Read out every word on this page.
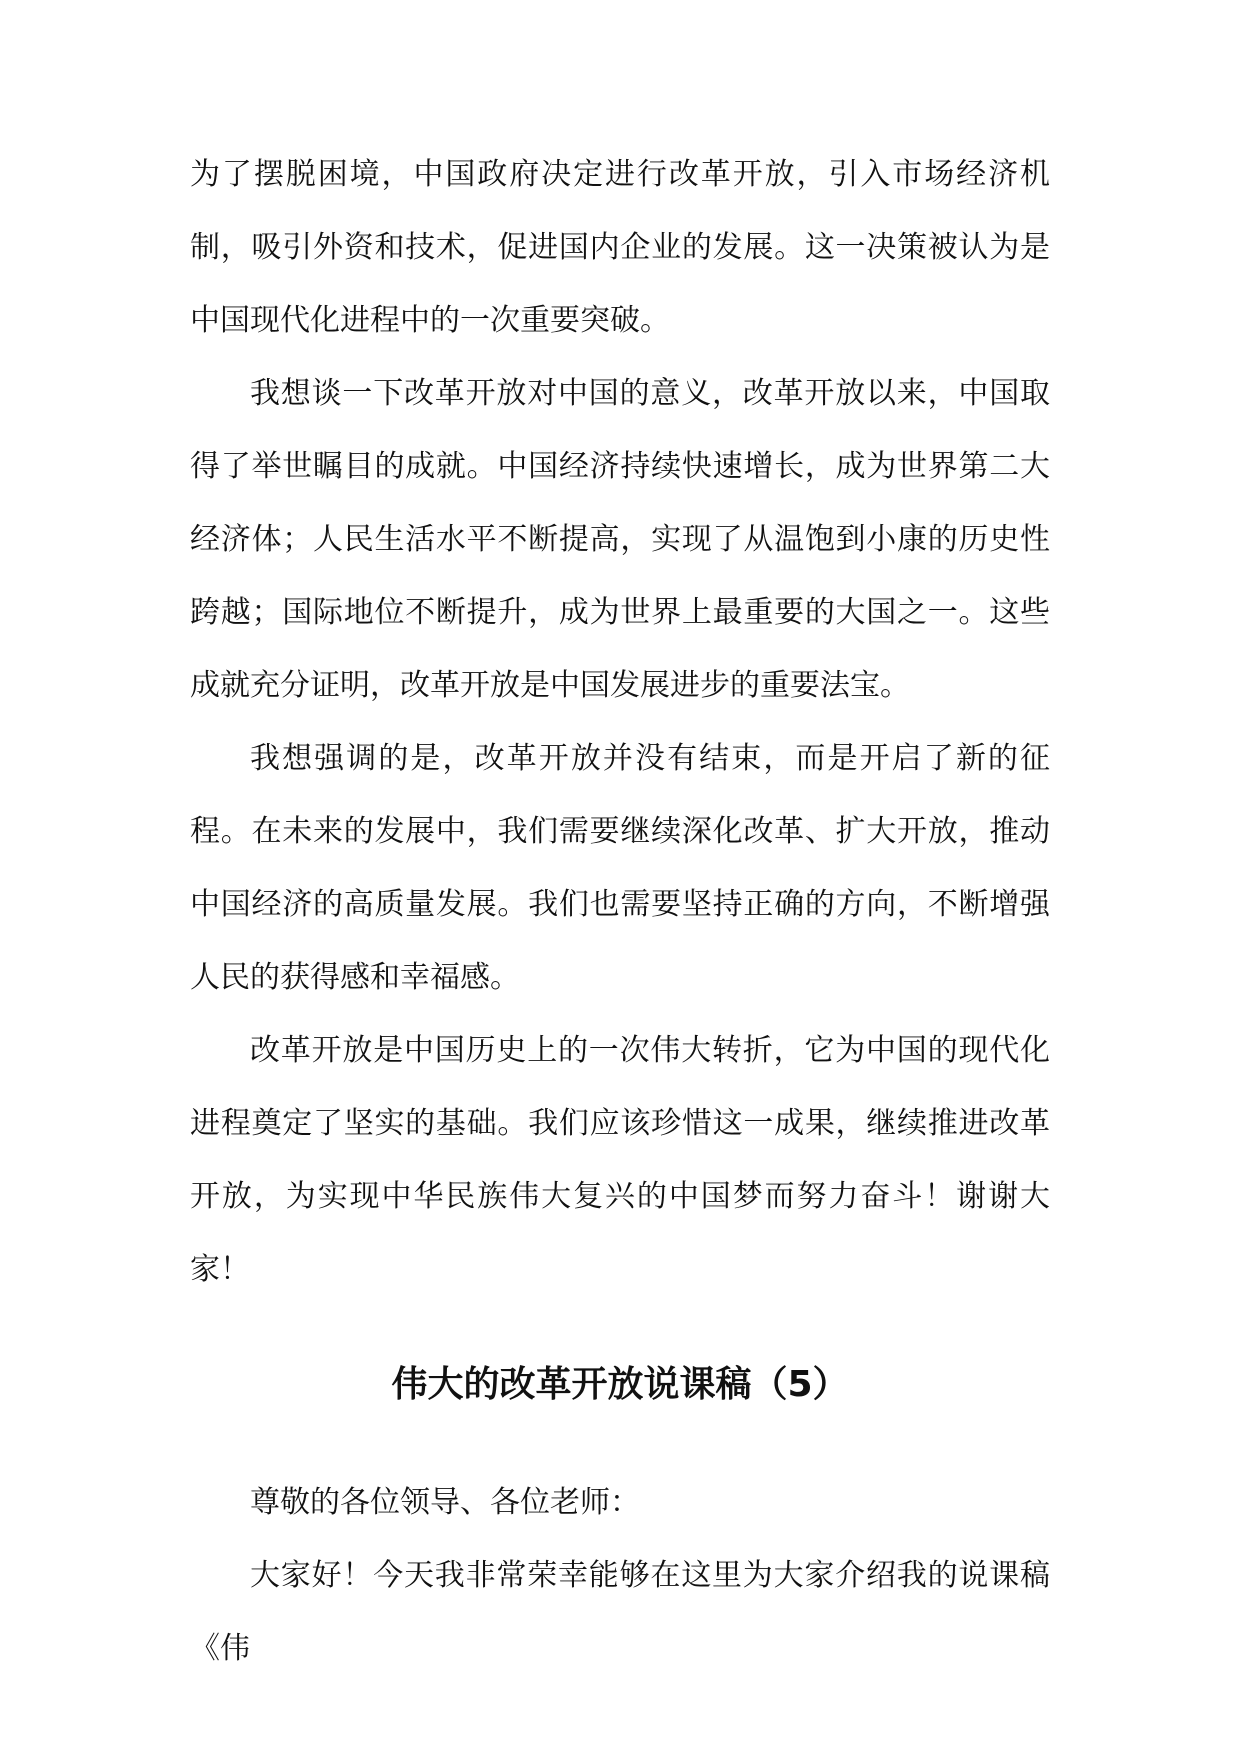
为了摆脱困境，中国政府决定进行改革开放，引入市场经济机制，吸引外资和技术，促进国内企业的发展。这一决策被认为是中国现代化进程中的一次重要突破。

我想谈一下改革开放对中国的意义，改革开放以来，中国取得了举世瞩目的成就。中国经济持续快速增长，成为世界第二大经济体；人民生活水平不断提高，实现了从温饱到小康的历史性跨越；国际地位不断提升，成为世界上最重要的大国之一。这些成就充分证明，改革开放是中国发展进步的重要法宝。

我想强调的是，改革开放并没有结束，而是开启了新的征程。在未来的发展中，我们需要继续深化改革、扩大开放，推动中国经济的高质量发展。我们也需要坚持正确的方向，不断增强人民的获得感和幸福感。

改革开放是中国历史上的一次伟大转折，它为中国的现代化进程奠定了坚实的基础。我们应该珍惜这一成果，继续推进改革开放，为实现中华民族伟大复兴的中国梦而努力奋斗！谢谢大家！

伟大的改革开放说课稿（5）

尊敬的各位领导、各位老师：

大家好！今天我非常荣幸能够在这里为大家介绍我的说课稿《伟
